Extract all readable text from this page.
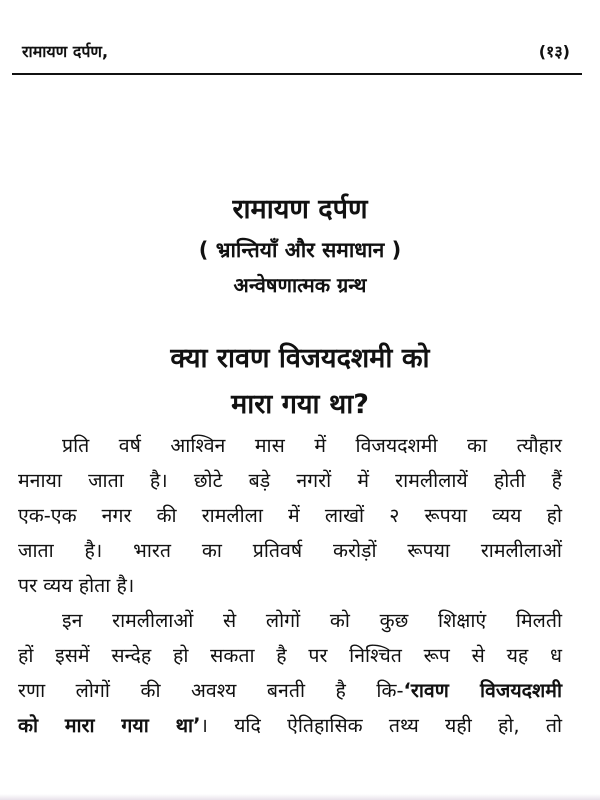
रामायण दर्पण,	(१३)

रामायण दर्पण

( भ्रान्तियाँ और समाधान )

अन्वेषणात्मक ग्रन्थ

क्या रावण विजयदशमी को

मारा गया था?

प्रति वर्ष आश्विन मास में विजयदशमी का त्यौहार
मनाया जाता है। छोटे बड़े नगरों में रामलीलायें होती हैं
एक-एक नगर की रामलीला में लाखों २ रूपया व्यय हो
जाता है। भारत का प्रतिवर्ष करोड़ों रूपया रामलीलाओं
पर व्यय होता है।

इन रामलीलाओं से लोगों को कुछ शिक्षाएं मिलती
हों इसमें सन्देह हो सकता है पर निश्चित रूप से यह ध
रणा लोगों की अवश्य बनती है कि-‘रावण विजयदशमी
को मारा गया था’। यदि ऐतिहासिक तथ्य यही हो, तो
